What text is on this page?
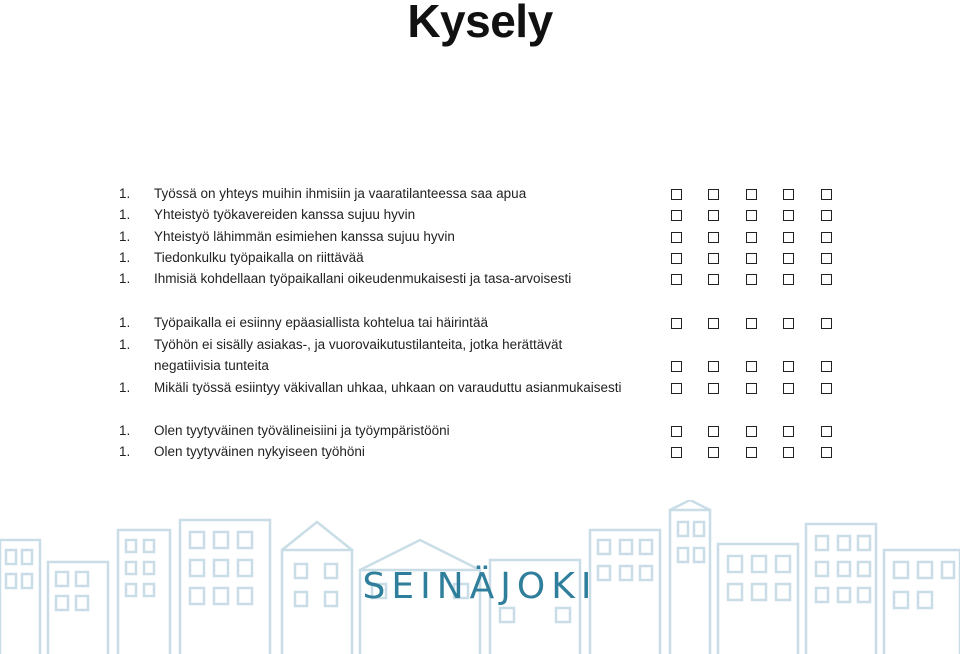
Kysely
1. Työssä on yhteys muihin ihmisiin ja vaaratilanteessa saa apua
1. Yhteistyö työkavereiden kanssa sujuu hyvin
1. Yhteistyö lähimmän esimiehen kanssa sujuu hyvin
1. Tiedonkulku työpaikalla on riittävää
1. Ihmisiä kohdellaan työpaikallani oikeudenmukaisesti ja tasa-arvoisesti
1. Työpaikalla ei esiinny epäasiallista kohtelua tai häirintää
1. Työhön ei sisälly asiakas-, ja vuorovaikutustilanteita, jotka herättävät
negatiivisia tunteita
1. Mikäli työssä esiintyy väkivallan uhkaa, uhkaan on varauduttu asianmukaisesti
1. Olen tyytyväinen työvälineisiini ja työympäristööni
1. Olen tyytyväinen nykyiseen työhöni
SEINÄJOKI
